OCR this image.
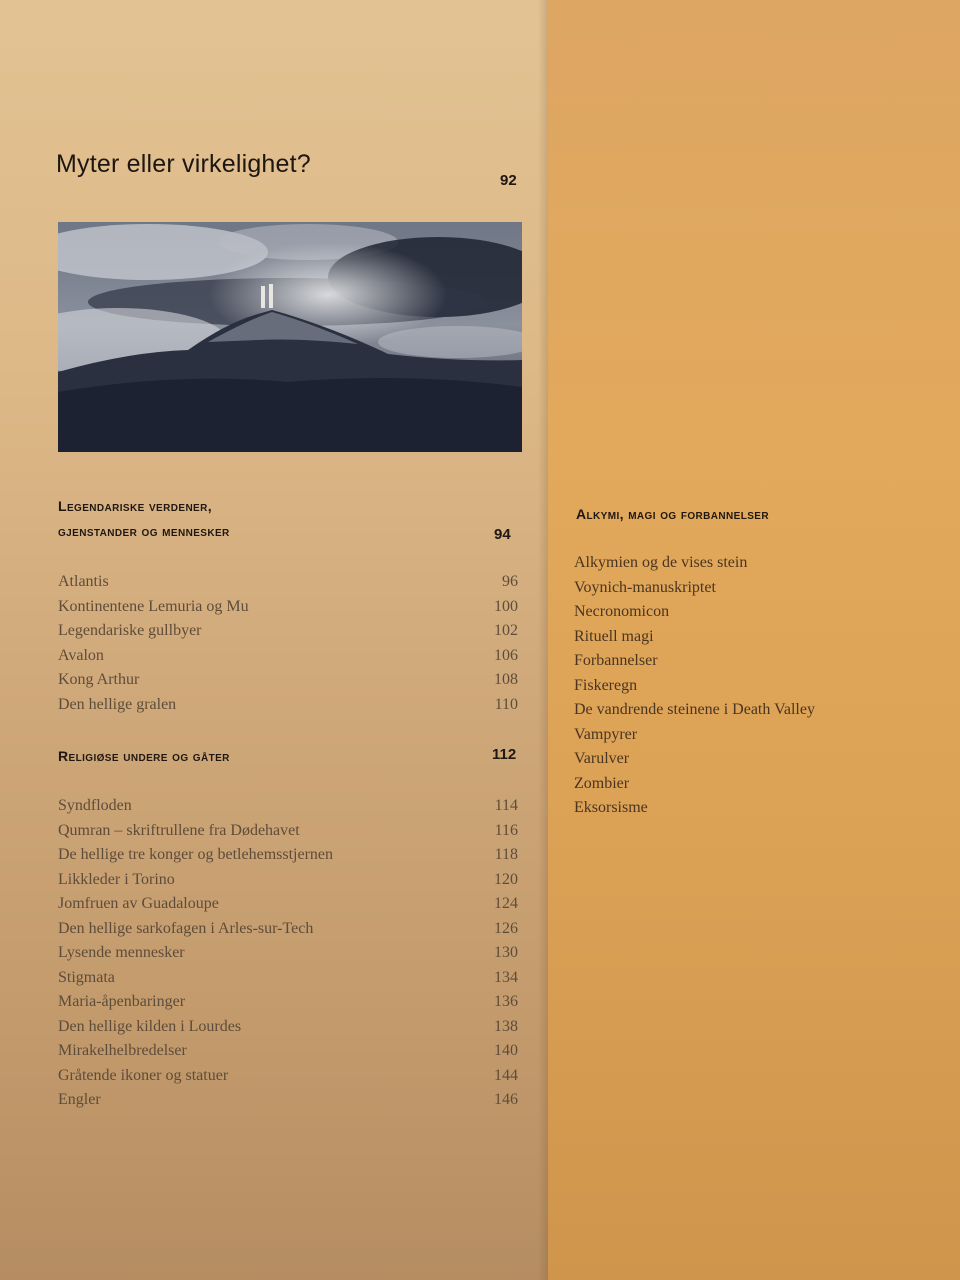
Myter eller virkelighet?
92
Legendariske verdener,
gjenstander og mennesker	94
Atlantis	96
Kontinentene Lemuria og Mu	100
Legendariske gullbyer	102
Avalon	106
Kong Arthur	108
Den hellige gralen	110
Religiøse undere og gåter	112
Syndfloden	114
Qumran – skriftrullene fra Dødehavet	116
De hellige tre konger og betlehemsstjernen	118
Likkleder i Torino	120
Jomfruen av Guadaloupe	124
Den hellige sarkofagen i Arles-sur-Tech	126
Lysende mennesker	130
Stigmata	134
Maria-åpenbaringer	136
Den hellige kilden i Lourdes	138
Mirakelhelbredelser	140
Gråtende ikoner og statuer	144
Engler	146
Alkymi, magi og forbannelser
Alkymien og de vises stein
Voynich-manuskriptet
Necronomicon
Rituell magi
Forbannelser
Fiskeregn
De vandrende steinene i Death Valley
Vampyrer
Varulver
Zombier
Eksorsisme
